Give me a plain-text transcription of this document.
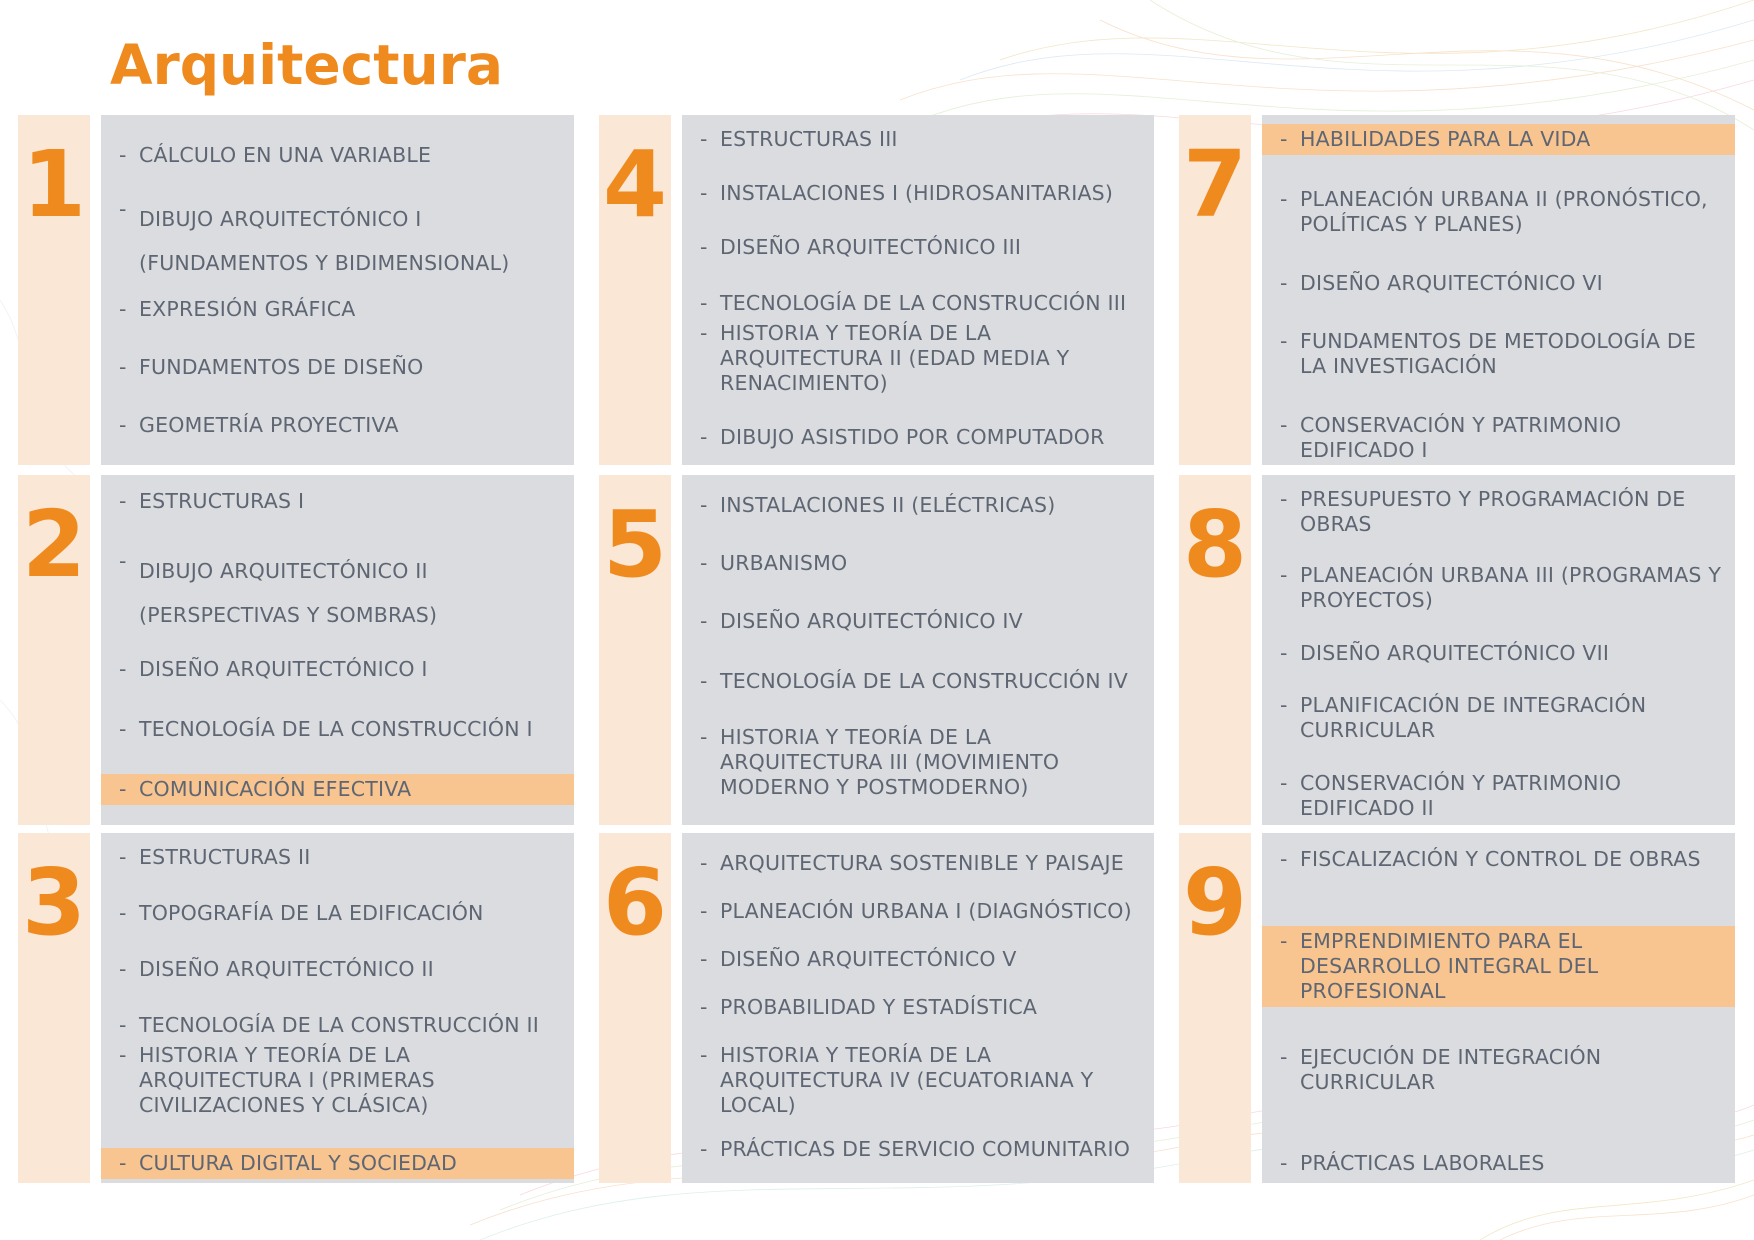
Arquitectura
1 - CÁLCULO EN UNA VARIABLE
- DIBUJO ARQUITECTÓNICO I (FUNDAMENTOS Y BIDIMENSIONAL)
- EXPRESIÓN GRÁFICA
- FUNDAMENTOS DE DISEÑO
- GEOMETRÍA PROYECTIVA
2 - ESTRUCTURAS I
- DIBUJO ARQUITECTÓNICO II (PERSPECTIVAS Y SOMBRAS)
- DISEÑO ARQUITECTÓNICO I
- TECNOLOGÍA DE LA CONSTRUCCIÓN I
- COMUNICACIÓN EFECTIVA
3 - ESTRUCTURAS II
- TOPOGRAFÍA DE LA EDIFICACIÓN
- DISEÑO ARQUITECTÓNICO II
- TECNOLOGÍA DE LA CONSTRUCCIÓN II
- HISTORIA Y TEORÍA DE LA ARQUITECTURA I (PRIMERAS CIVILIZACIONES Y CLÁSICA)
- CULTURA DIGITAL Y SOCIEDAD
4 - ESTRUCTURAS III
- INSTALACIONES I (HIDROSANITARIAS)
- DISEÑO ARQUITECTÓNICO III
- TECNOLOGÍA DE LA CONSTRUCCIÓN III
- HISTORIA Y TEORÍA DE LA ARQUITECTURA II (EDAD MEDIA Y RENACIMIENTO)
- DIBUJO ASISTIDO POR COMPUTADOR
5 - INSTALACIONES II (ELÉCTRICAS)
- URBANISMO
- DISEÑO ARQUITECTÓNICO IV
- TECNOLOGÍA DE LA CONSTRUCCIÓN IV
- HISTORIA Y TEORÍA DE LA ARQUITECTURA III (MOVIMIENTO MODERNO Y POSTMODERNO)
6 - ARQUITECTURA SOSTENIBLE Y PAISAJE
- PLANEACIÓN URBANA I (DIAGNÓSTICO)
- DISEÑO ARQUITECTÓNICO V
- PROBABILIDAD Y ESTADÍSTICA
- HISTORIA Y TEORÍA DE LA ARQUITECTURA IV (ECUATORIANA Y LOCAL)
- PRÁCTICAS DE SERVICIO COMUNITARIO
7 - HABILIDADES PARA LA VIDA
- PLANEACIÓN URBANA II (PRONÓSTICO, POLÍTICAS Y PLANES)
- DISEÑO ARQUITECTÓNICO VI
- FUNDAMENTOS DE METODOLOGÍA DE LA INVESTIGACIÓN
- CONSERVACIÓN Y PATRIMONIO EDIFICADO I
8 - PRESUPUESTO Y PROGRAMACIÓN DE OBRAS
- PLANEACIÓN URBANA III (PROGRAMAS Y PROYECTOS)
- DISEÑO ARQUITECTÓNICO VII
- PLANIFICACIÓN DE INTEGRACIÓN CURRICULAR
- CONSERVACIÓN Y PATRIMONIO EDIFICADO II
9 - FISCALIZACIÓN Y CONTROL DE OBRAS
- EMPRENDIMIENTO PARA EL DESARROLLO INTEGRAL DEL PROFESIONAL
- EJECUCIÓN DE INTEGRACIÓN CURRICULAR
- PRÁCTICAS LABORALES
